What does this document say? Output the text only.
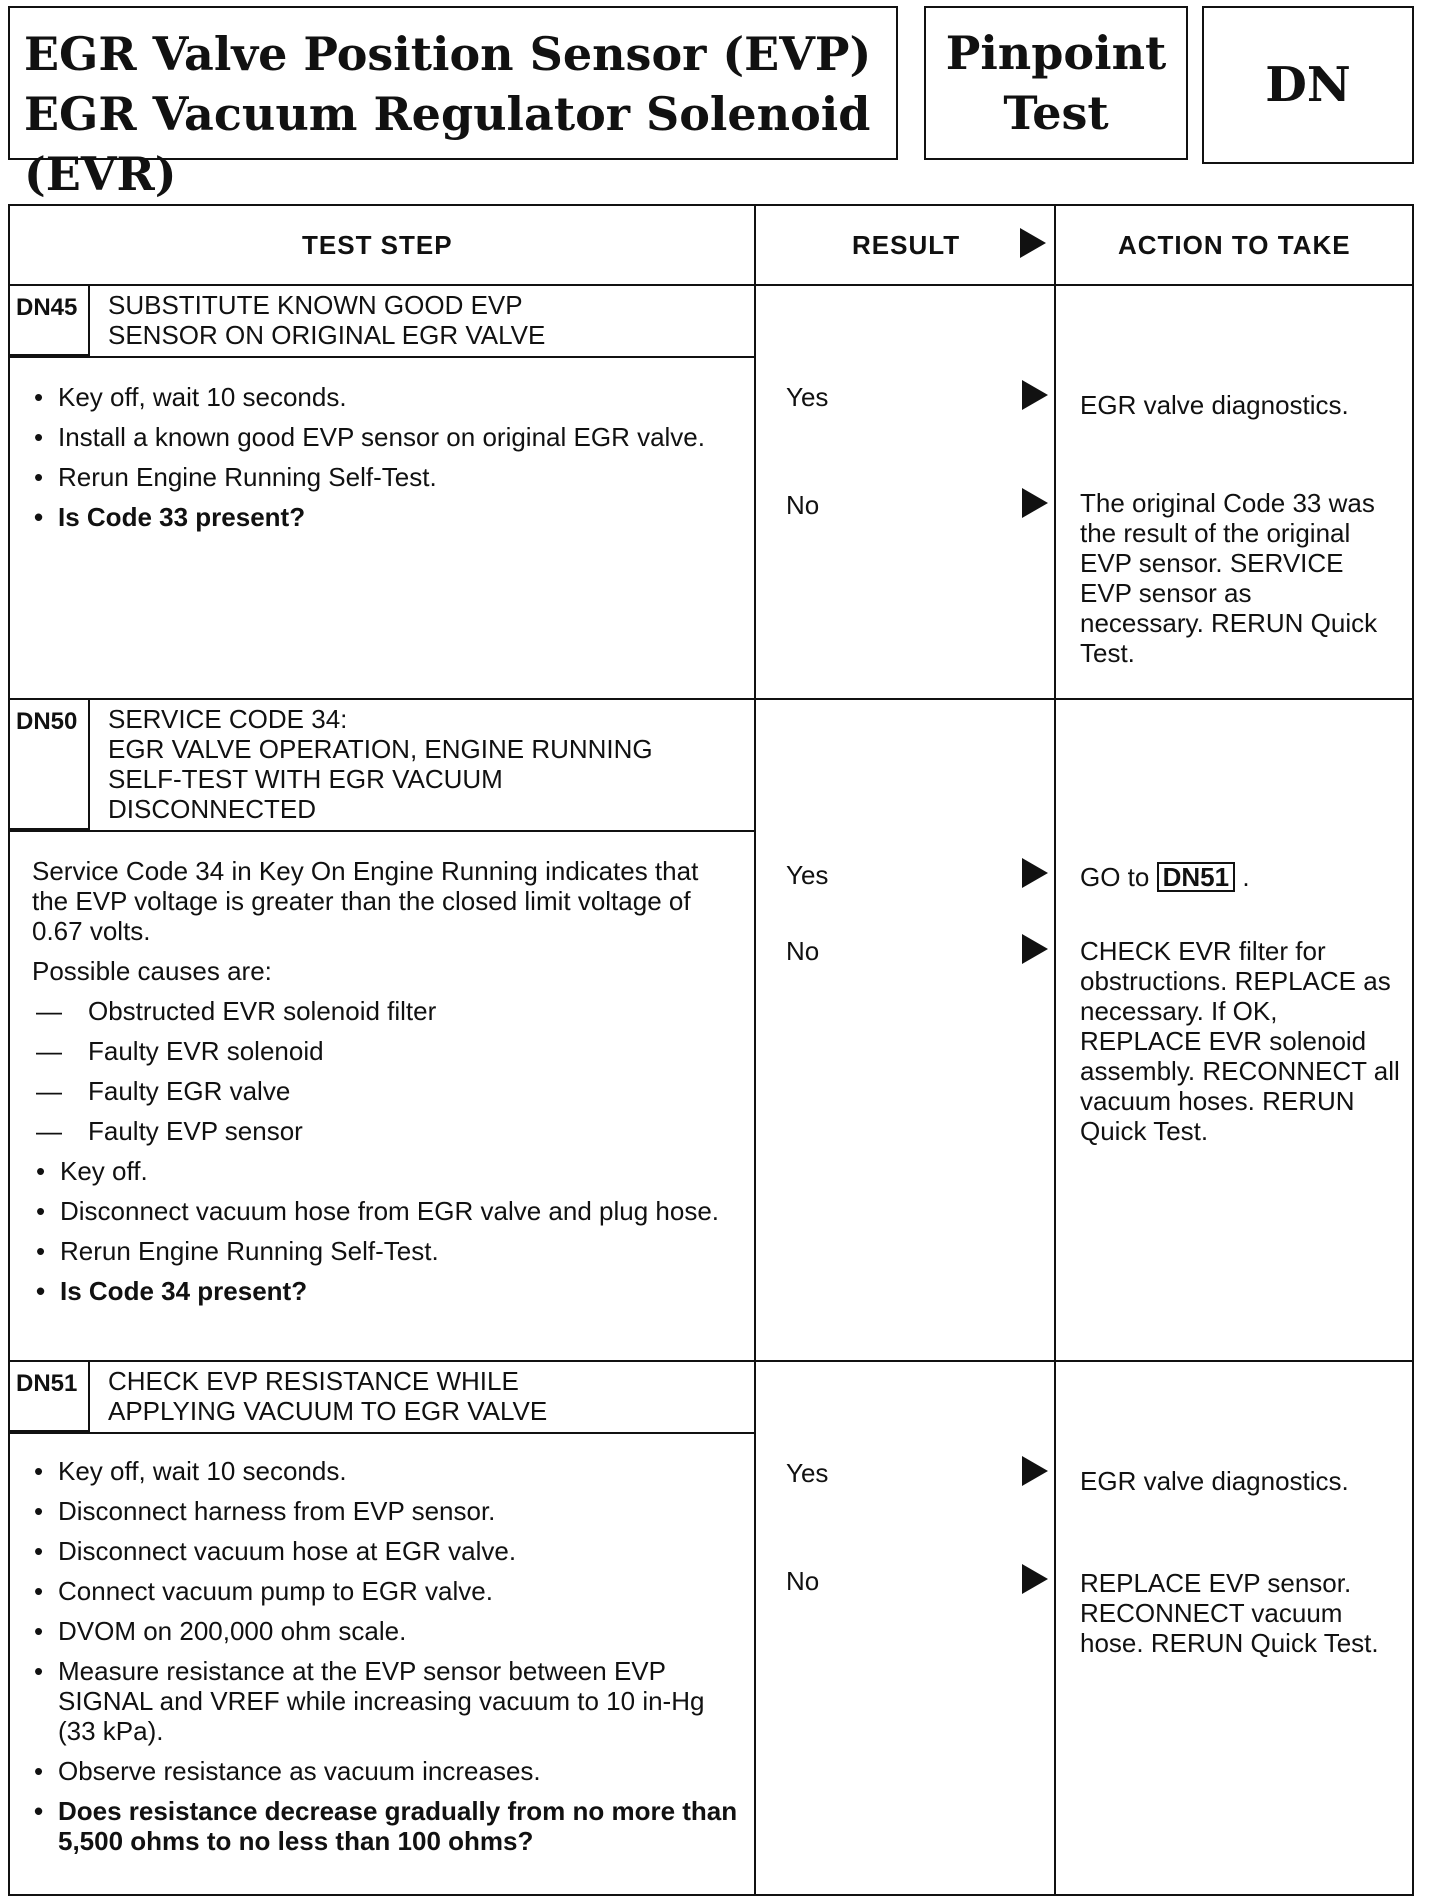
EGR Valve Position Sensor (EVP)
EGR Vacuum Regulator Solenoid (EVR)
Pinpoint
Test	DN
TEST STEP	RESULT	ACTION TO TAKE
DN45	SUBSTITUTE KNOWN GOOD EVP
SENSOR ON ORIGINAL EGR VALVE
• Key off, wait 10 seconds.
• Install a known good EVP sensor on original EGR valve.
• Rerun Engine Running Self-Test.
• Is Code 33 present?
Yes	EGR valve diagnostics.
No	The original Code 33 was the result of the original EVP sensor. SERVICE EVP sensor as necessary. RERUN Quick Test.
DN50	SERVICE CODE 34:
EGR VALVE OPERATION, ENGINE RUNNING
SELF-TEST WITH EGR VACUUM
DISCONNECTED

Service Code 34 in Key On Engine Running indicates that the EVP voltage is greater than the closed limit voltage of 0.67 volts.

Possible causes are:

— Obstructed EVR solenoid filter
— Faulty EVR solenoid
— Faulty EGR valve
— Faulty EVP sensor
• Key off.
• Disconnect vacuum hose from EGR valve and plug hose.
• Rerun Engine Running Self-Test.
• Is Code 34 present?
Yes	GO to DN51 .
No	CHECK EVR filter for obstructions. REPLACE as necessary. If OK, REPLACE EVR solenoid assembly. RECONNECT all vacuum hoses. RERUN Quick Test.
DN51	CHECK EVP RESISTANCE WHILE
APPLYING VACUUM TO EGR VALVE
• Key off, wait 10 seconds.
• Disconnect harness from EVP sensor.
• Disconnect vacuum hose at EGR valve.
• Connect vacuum pump to EGR valve.
• DVOM on 200,000 ohm scale.
• Measure resistance at the EVP sensor between EVP SIGNAL and VREF while increasing vacuum to 10 in-Hg (33 kPa).
• Observe resistance as vacuum increases.
• Does resistance decrease gradually from no more than 5,500 ohms to no less than 100 ohms?
Yes	EGR valve diagnostics.
No	REPLACE EVP sensor. RECONNECT vacuum hose. RERUN Quick Test.
